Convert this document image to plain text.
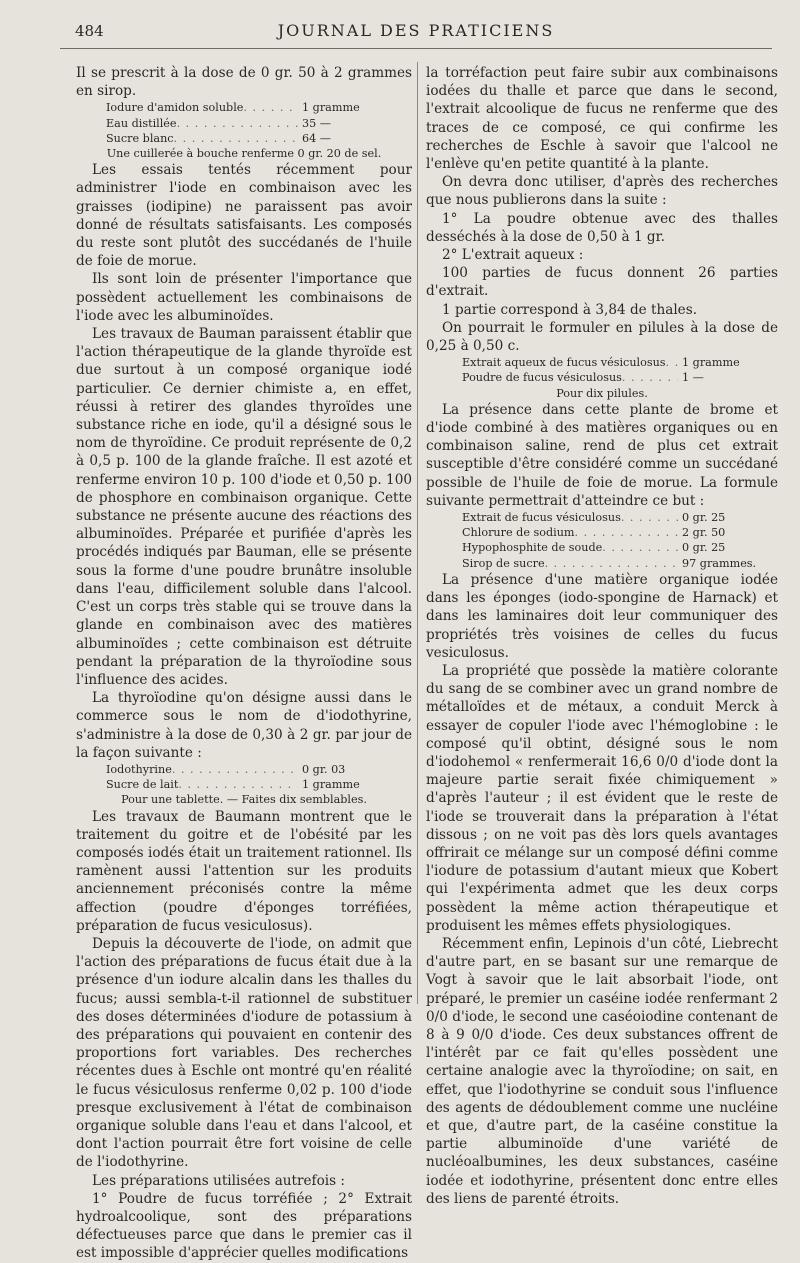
484	JOURNAL DES PRATICIENS

Il se prescrit à la dose de 0 gr. 50 à 2 grammes en sirop.

Iodure d'amidon soluble . . .	1 gramme
Eau distillée . . .	35 —
Sucre blanc . . .	64 —
Une cuillerée à bouche renferme 0 gr. 20 de sel.

Les essais tentés récemment pour administrer l'iode en combinaison avec les graisses (iodipine) ne paraissent pas avoir donné de résultats satisfaisants. Les composés du reste sont plutôt des succédanés de l'huile de foie de morue.

Ils sont loin de présenter l'importance que possèdent actuellement les combinaisons de l'iode avec les albuminoïdes.

Les travaux de Bauman paraissent établir que l'action thérapeutique de la glande thyroïde est due surtout à un composé organique iodé particulier. Ce dernier chimiste a, en effet, réussi à retirer des glandes thyroïdes une substance riche en iode, qu'il a désigné sous le nom de thyroïdine. Ce produit représente de 0,2 à 0,5 p. 100 de la glande fraîche. Il est azoté et renferme environ 10 p. 100 d'iode et 0,50 p. 100 de phosphore en combinaison organique. Cette substance ne présente aucune des réactions des albuminoïdes. Préparée et purifiée d'après les procédés indiqués par Bauman, elle se présente sous la forme d'une poudre brunâtre insoluble dans l'eau, difficilement soluble dans l'alcool. C'est un corps très stable qui se trouve dans la glande en combinaison avec des matières albuminoïdes ; cette combinaison est détruite pendant la préparation de la thyroïodine sous l'influence des acides.

La thyroïodine qu'on désigne aussi dans le commerce sous le nom de d'iodothyrine, s'administre à la dose de 0,30 à 2 gr. par jour de la façon suivante :

Iodothyrine . . .	0 gr. 03
Sucre de lait . . .	1 gramme
Pour une tablette. — Faites dix semblables.

Les travaux de Baumann montrent que le traitement du goitre et de l'obésité par les composés iodés était un traitement rationnel. Ils ramènent aussi l'attention sur les produits anciennement préconisés contre la même affection (poudre d'éponges torréfiées, préparation de fucus vesiculosus).

Depuis la découverte de l'iode, on admit que l'action des préparations de fucus était due à la présence d'un iodure alcalin dans les thalles du fucus; aussi sembla-t-il rationnel de substituer des doses déterminées d'iodure de potassium à des préparations qui pouvaient en contenir des proportions fort variables. Des recherches récentes dues à Eschle ont montré qu'en réalité le fucus vésiculosus renferme 0,02 p. 100 d'iode presque exclusivement à l'état de combinaison organique soluble dans l'eau et dans l'alcool, et dont l'action pourrait être fort voisine de celle de l'iodothyrine.

Les préparations utilisées autrefois :

1° Poudre de fucus torréfiée ; 2° Extrait hydroalcoolique, sont des préparations défectueuses parce que dans le premier cas il est impossible d'apprécier quelles modifications

la torréfaction peut faire subir aux combinaisons iodées du thalle et parce que dans le second, l'extrait alcoolique de fucus ne renferme que des traces de ce composé, ce qui confirme les recherches de Eschle à savoir que l'alcool ne l'enlève qu'en petite quantité à la plante.

On devra donc utiliser, d'après des recherches que nous publierons dans la suite :

1° La poudre obtenue avec des thalles desséchés à la dose de 0,50 à 1 gr.

2° L'extrait aqueux :

100 parties de fucus donnent 26 parties d'extrait.

1 partie correspond à 3,84 de thales.

On pourrait le formuler en pilules à la dose de 0,25 à 0,50 c.

Extrait aqueux de fucus vésiculosus . . .	1 gramme
Poudre de fucus vésiculosus . . .	1 —
Pour dix pilules.

La présence dans cette plante de brome et d'iode combiné à des matières organiques ou en combinaison saline, rend de plus cet extrait susceptible d'être considéré comme un succédané possible de l'huile de foie de morue. La formule suivante permettrait d'atteindre ce but :

Extrait de fucus vésiculosus . . .	0 gr. 25
Chlorure de sodium . . .	2 gr. 50
Hypophosphite de soude . . .	0 gr. 25
Sirop de sucre . . .	97 grammes.

La présence d'une matière organique iodée dans les éponges (iodo-spongine de Harnack) et dans les laminaires doit leur communiquer des propriétés très voisines de celles du fucus vesiculosus.

La propriété que possède la matière colorante du sang de se combiner avec un grand nombre de métalloïdes et de métaux, a conduit Merck à essayer de copuler l'iode avec l'hémoglobine : le composé qu'il obtint, désigné sous le nom d'iodohemol « renfermerait 16,6 0/0 d'iode dont la majeure partie serait fixée chimiquement » d'après l'auteur ; il est évident que le reste de l'iode se trouverait dans la préparation à l'état dissous ; on ne voit pas dès lors quels avantages offrirait ce mélange sur un composé défini comme l'iodure de potassium d'autant mieux que Kobert qui l'expérimenta admet que les deux corps possèdent la même action thérapeutique et produisent les mêmes effets physiologiques.

Récemment enfin, Lepinois d'un côté, Liebrecht d'autre part, en se basant sur une remarque de Vogt à savoir que le lait absorbait l'iode, ont préparé, le premier un caséine iodée renfermant 2 0/0 d'iode, le second une caséoiodine contenant de 8 à 9 0/0 d'iode. Ces deux substances offrent de l'intérêt par ce fait qu'elles possèdent une certaine analogie avec la thyroïodine; on sait, en effet, que l'iodothyrine se conduit sous l'influence des agents de dédoublement comme une nucléine et que, d'autre part, de la caséine constitue la partie albuminoïde d'une variété de nucléoalbumines, les deux substances, caséine iodée et iodothyrine, présentent donc entre elles des liens de parenté étroits.
